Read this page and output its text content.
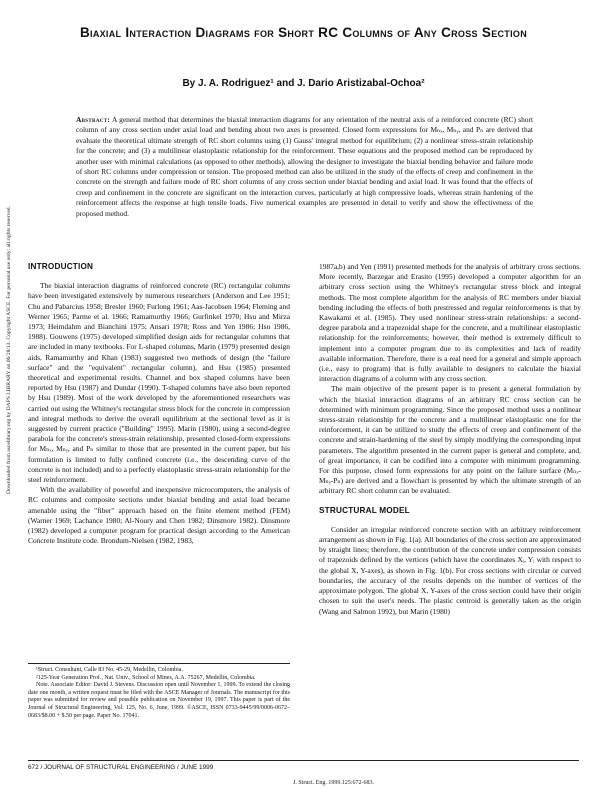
Downloaded from ascelibrary.org by DAPS LIBRARY on 06/28/13. Copyright ASCE. For personal use only; all rights reserved.
Biaxial Interaction Diagrams for Short RC Columns of Any Cross Section
By J. A. Rodriguez¹ and J. Dario Aristizabal-Ochoa²

Abstract: A general method that determines the biaxial interaction diagrams for any orientation of the neutral axis of a reinforced concrete (RC) short column of any cross section under axial load and bending about two axes is presented. Closed form expressions for Mₙₓ, Mₙᵧ, and Pₙ are derived that evaluate the theoretical ultimate strength of RC short columns using (1) Gauss' integral method for equilibrium; (2) a nonlinear stress-strain relationship for the concrete; and (3) a multilinear elastoplastic relationship for the reinforcement. These equations and the proposed method can be reproduced by another user with minimal calculations (as opposed to other methods), allowing the designer to investigate the biaxial bending behavior and failure mode of short RC columns under compression or tension. The proposed method can also be utilized in the study of the effects of creep and confinement in the concrete on the strength and failure mode of RC short columns of any cross section under biaxial bending and axial load. It was found that the effects of creep and confinement in the concrete are significant on the interaction curves, particularly at high compressive loads, whereas strain hardening of the reinforcement affects the response at high tensile loads. Five numerical examples are presented in detail to verify and show the effectiveness of the proposed method.

INTRODUCTION

The biaxial interaction diagrams of reinforced concrete (RC) rectangular columns have been investigated extensively by numerous researchers (Anderson and Lee 1951; Chu and Pabarcius 1958; Bresler 1960; Furlong 1961; Aas-Jacobsen 1964; Fleming and Werner 1965; Parme et al. 1966; Ramamurthy 1966; Gurfinkel 1970; Hsu and Mirza 1973; Heimdahm and Bianchini 1975; Ansari 1978; Ross and Yen 1986; Hsu 1986, 1988). Gouwens (1975) developed simplified design aids for rectangular columns that are included in many textbooks. For L-shaped columns, Marin (1979) presented design aids, Ramamurthy and Khan (1983) suggested two methods of design (the "failure surface" and the "equivalent" rectangular column), and Hsu (1985) presented theoretical and experimental results. Channel and box shaped columns have been reported by Hsu (1987) and Dundar (1990). T-shaped columns have also been reported by Hsu (1989). Most of the work developed by the aforementioned researchers was carried out using the Whitney's rectangular stress block for the concrete in compression and integral methods to derive the overall equilibrium at the sectional level as it is suggested by current practice ("Building" 1995). Marin (1980), using a second-degree parabola for the concrete's stress-strain relationship, presented closed-form expressions for Mₙₓ, Mₙᵧ, and Pₙ similar to those that are presented in the current paper, but his formulation is limited to fully confined concrete (i.e., the descending curve of the concrete is not included) and to a perfectly elastoplastic stress-strain relationship for the steel reinforcement.

With the availability of powerful and inexpensive microcomputers, the analysis of RC columns and composite sections under biaxial bending and axial load became amenable using the "fiber" approach based on the finite element method (FEM) (Warner 1969; Lachance 1980; Al-Noury and Chen 1982; Dinsmore 1982). Dinsmore (1982) developed a computer program for practical design according to the American Concrete Institute code. Brondum-Nielsen (1982, 1983,

¹Struct. Consultant, Calle 83 No. 45-29, Medellin, Colombia.

²125-Year Generation Prof., Nat. Univ., School of Mines, A.A. 75267, Medellin, Colombia.

Note. Associate Editor: David J. Stevens. Discussion open until November 1, 1999. To extend the closing date one month, a written request must be filed with the ASCE Manager of Journals. The manuscript for this paper was submitted for review and possible publication on November 19, 1997. This paper is part of the Journal of Structural Engineering, Vol. 125, No. 6, June, 1999. ©ASCE, ISSN 0733-9445/99/0006-0672–0683/$8.00 + $.50 per page. Paper No. 17041.

1987a,b) and Yen (1991) presented methods for the analysis of arbitrary cross sections. More recently, Barzegar and Erasito (1995) developed a computer algorithm for an arbitrary cross section using the Whitney's rectangular stress block and integral methods. The most complete algorithm for the analysis of RC members under biaxial bending including the effects of both prestressed and regular reinforcements is that by Kawakami et al. (1985). They used nonlinear stress-strain relationships: a second-degree parabola and a trapezoidal shape for the concrete, and a multilinear elastoplastic relationship for the reinforcements; however, their method is extremely difficult to implement into a computer program due to its complexities and lack of readily available information. Therefore, there is a real need for a general and simple approach (i.e., easy to program) that is fully available to designers to calculate the biaxial interaction diagrams of a column with any cross section.

The main objective of the present paper is to present a general formulation by which the biaxial interaction diagrams of an arbitrary RC cross section can be determined with minimum programming. Since the proposed method uses a nonlinear stress-strain relationship for the concrete and a multilinear elastoplastic one for the reinforcement, it can be utilized to study the effects of creep and confinement of the concrete and strain-hardening of the steel by simply modifying the corresponding input parameters. The algorithm presented in the current paper is general and complete, and, of great importance, it can be codified into a computer with minimum programming. For this purpose, closed form expressions for any point on the failure surface (Mₙₓ-Mₙᵧ-Pₙ) are derived and a flowchart is presented by which the ultimate strength of an arbitrary RC short column can be evaluated.

STRUCTURAL MODEL

Consider an irregular reinforced concrete section with an arbitrary reinforcement arrangement as shown in Fig. 1(a). All boundaries of the cross section are approximated by straight lines; therefore, the contribution of the concrete under compression consists of trapezoids defined by the vertices (which have the coordinates Xᵢ, Yᵢ with respect to the global X, Y-axes), as shown in Fig. 1(b). For cross sections with circular or curved boundaries, the accuracy of the results depends on the number of vertices of the approximate polygon. The global X, Y-axes of the cross section could have their origin chosen to suit the user's needs. The plastic centroid is generally taken as the origin (Wang and Salmon 1992), but Marin (1980)

672 / JOURNAL OF STRUCTURAL ENGINEERING / JUNE 1999
J. Struct. Eng. 1999.125:672-683.
